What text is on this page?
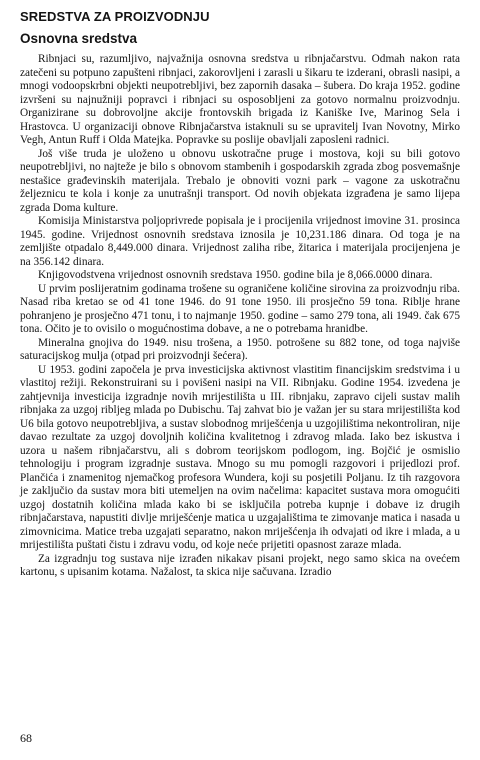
SREDSTVA ZA PROIZVODNJU
Osnovna sredstva

Ribnjaci su, razumljivo, najvažnija osnovna sredstva u ribnjačarstvu. Odmah nakon rata zatečeni su potpuno zapušteni ribnjaci, zakorovljeni i zarasli u šikaru te izderani, obrasli nasipi, a mnogi vodoopskrbni objekti neupotrebljivi, bez zapornih dasaka – šubera. Do kraja 1952. godine izvršeni su najnužniji popravci i ribnjaci su osposobljeni za gotovo normalnu proizvodnju. Organizirane su dobrovoljne akcije frontovskih brigada iz Kaniške Ive, Marinog Sela i Hrastovca. U organizaciji obnove Ribnjačarstva istaknuli su se upravitelj Ivan Novotny, Mirko Vegh, Antun Ruff i Olda Matejka. Popravke su poslije obavljali zaposleni radnici.

Još više truda je uloženo u obnovu uskotračne pruge i mostova, koji su bili gotovo neupotrebljivi, no najteže je bilo s obnovom stambenih i gospodarskih zgrada zbog posvemašnje nestašice građevinskih materijala. Trebalo je obnoviti vozni park – vagone za uskotračnu željeznicu te kola i konje za unutrašnji transport. Od novih objekata izgrađena je samo lijepa zgrada Doma kulture.

Komisija Ministarstva poljoprivrede popisala je i procijenila vrijednost imovine 31. prosinca 1945. godine. Vrijednost osnovnih sredstava iznosila je 10,231.186 dinara. Od toga je na zemljište otpadalo 8,449.000 dinara. Vrijednost zaliha ribe, žitarica i materijala procijenjena je na 356.142 dinara.

Knjigovodstvena vrijednost osnovnih sredstava 1950. godine bila je 8,066.0000 dinara.

U prvim poslijeratnim godinama trošene su ograničene količine sirovina za proizvodnju riba. Nasad riba kretao se od 41 tone 1946. do 91 tone 1950. ili prosječno 59 tona. Riblje hrane pohranjeno je prosječno 471 tonu, i to najmanje 1950. godine – samo 279 tona, ali 1949. čak 675 tona. Očito je to ovisilo o mogućnostima dobave, a ne o potrebama hranidbe.

Mineralna gnojiva do 1949. nisu trošena, a 1950. potrošene su 882 tone, od toga najviše saturacijskog mulja (otpad pri proizvodnji šećera).

U 1953. godini započela je prva investicijska aktivnost vlastitim financijskim sredstvima i u vlastitoj režiji. Rekonstruirani su i povišeni nasipi na VII. Ribnjaku. Godine 1954. izvedena je zahtjevnija investicija izgradnje novih mrijestilišta u III. ribnjaku, zapravo cijeli sustav malih ribnjaka za uzgoj ribljeg mlada po Dubischu. Taj zahvat bio je važan jer su stara mrijestilišta kod U6 bila gotovo neupotrebljiva, a sustav slobodnog mriješćenja u uzgojilištima nekontroliran, nije davao rezultate za uzgoj dovoljnih količina kvalitetnog i zdravog mlada. Iako bez iskustva i uzora u našem ribnjačarstvu, ali s dobrom teorijskom podlogom, ing. Bojčić je osmislio tehnologiju i program izgradnje sustava. Mnogo su mu pomogli razgovori i prijedlozi prof. Plančića i znamenitog njemačkog profesora Wundera, koji su posjetili Poljanu. Iz tih razgovora je zaključio da sustav mora biti utemeljen na ovim načelima: kapacitet sustava mora omogućiti uzgoj dostatnih količina mlada kako bi se isključila potreba kupnje i dobave iz drugih ribnjačarstava, napustiti divlje mriješćenje matica u uzgajalištima te zimovanje matica i nasada u zimovnicima. Matice treba uzgajati separatno, nakon mriješćenja ih odvajati od ikre i mlada, a u mrijestilišta puštati čistu i zdravu vodu, od koje neće prijetiti opasnost zaraze mlada.

Za izgradnju tog sustava nije izrađen nikakav pisani projekt, nego samo skica na ovećem kartonu, s upisanim kotama. Nažalost, ta skica nije sačuvana. Izradio

68
